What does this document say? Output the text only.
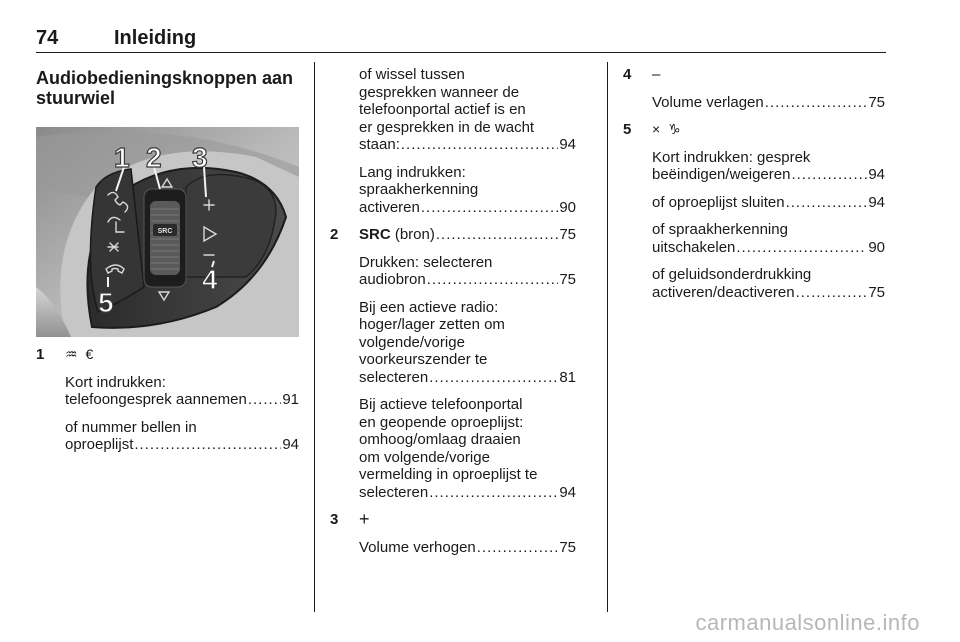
74	Inleiding
Audiobedieningsknoppen aan stuurwiel
SRC
1 2 3
4
5
1 ♒ €

Kort indrukken:
telefoongesprek aannemen ..... 91

of nummer bellen in
oproeplijst .....	94

of wissel tussen
gesprekken wanneer de
telefoonportal actief is en
er gesprekken in de wacht
staan: .....	94

Lang indrukken:
spraakherkenning
activeren .....	90

2 SRC (bron) .....	75

Drukken: selecteren
audiobron .....	75

Bij een actieve radio:
hoger/lager zetten om
volgende/vorige
voorkeurszender te
selecteren .....	81

Bij actieve telefoonportal
en geopende oproeplijst:
omhoog/omlaag draaien
om volgende/vorige
vermelding in oproeplijst te
selecteren .....	94

3 +

Volume verhogen .....	75

4 –

Volume verlagen .....	75

5 × ♑

Kort indrukken: gesprek
beëindigen/weigeren .....	94

of oproeplijst sluiten .....	94

of spraakherkenning
uitschakelen .....	90

of geluidsonderdrukking
activeren/deactiveren .....	75

carmanualsonline.info
